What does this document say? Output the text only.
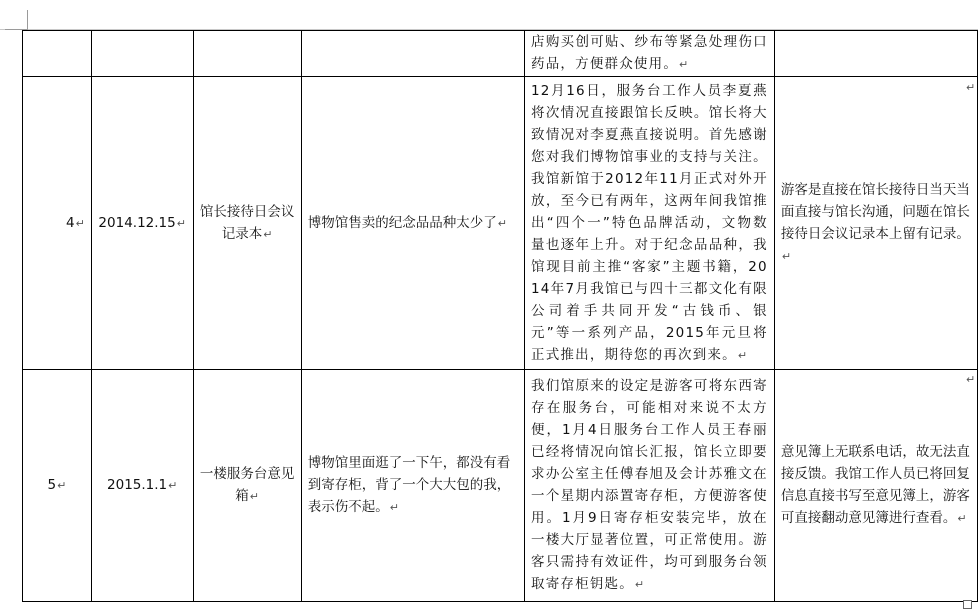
				店购买创可贴、纱布等紧急处理伤口药品，方便群众使用。↵	
4↵	2014.12.15↵	馆长接待日会议记录本↵	博物馆售卖的纪念品品种太少了↵	12月16日，服务台工作人员李夏燕将次情况直接跟馆长反映。馆长将大致情况对李夏燕直接说明。首先感谢您对我们博物馆事业的支持与关注。我馆新馆于2012年11月正式对外开放，至今已有两年，这两年间我馆推出“四个一”特色品牌活动，文物数量也逐年上升。对于纪念品品种，我馆现目前主推“客家”主题书籍，2014年7月我馆已与四十三都文化有限公司着手共同开发“古钱币、银元”等一系列产品，2015年元旦将正式推出，期待您的再次到来。↵	游客是直接在馆长接待日当天当面直接与馆长沟通，问题在馆长接待日会议记录本上留有记录。↵
5↵	2015.1.1↵	一楼服务台意见箱↵	博物馆里面逛了一下午，都没有看到寄存柜，背了一个大大包的我，表示伤不起。↵	我们馆原来的设定是游客可将东西寄存在服务台，可能相对来说不太方便，1月4日服务台工作人员王春丽已经将情况向馆长汇报，馆长立即要求办公室主任傅春旭及会计苏雅文在一个星期内添置寄存柜，方便游客使用。1月9日寄存柜安装完毕，放在一楼大厅显著位置，可正常使用。游客只需持有效证件，均可到服务台领取寄存柜钥匙。↵	意见簿上无联系电话，故无法直接反馈。我馆工作人员已将回复信息直接书写至意见簿上，游客可直接翻动意见簿进行查看。↵
↵
↵
